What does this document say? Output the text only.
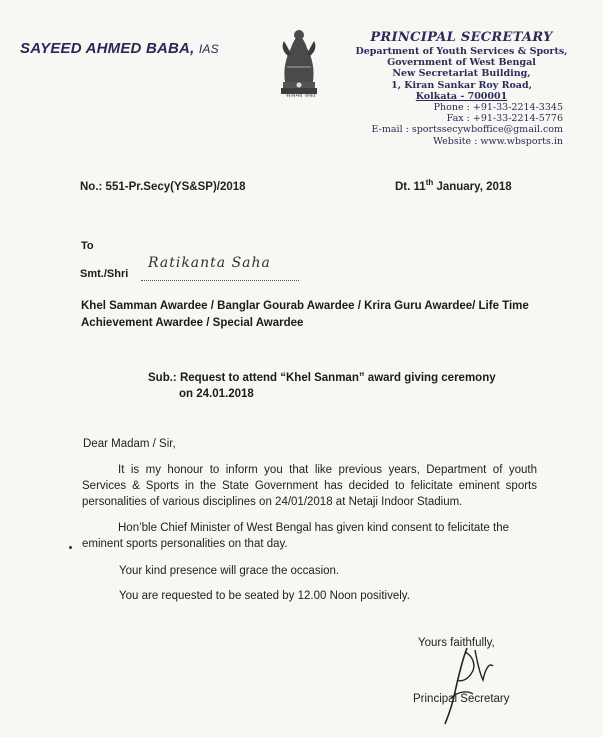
SAYEED AHMED BABA, IAS
सत्यमेव जयते
PRINCIPAL SECRETARY
Department of Youth Services & Sports,
Government of West Bengal
New Secretariat Building,
1, Kiran Sankar Roy Road,
Kolkata - 700001
Phone : +91-33-2214-3345
Fax : +91-33-2214-5776
E-mail : sportssecywboffice@gmail.com
Website : www.wbsports.in
No.: 551-Pr.Secy(YS&SP)/2018	Dt. 11th January, 2018
To
Smt./Shri
Ratikanta Saha
Khel Samman Awardee / Banglar Gourab Awardee / Krira Guru Awardee/ Life Time Achievement Awardee / Special Awardee
Sub.: Request to attend “Khel Sanman” award giving ceremony
on 24.01.2018
Dear Madam / Sir,
It is my honour to inform you that like previous years, Department of youth Services & Sports in the State Government has decided to felicitate eminent sports personalities of various disciplines on 24/01/2018 at Netaji Indoor Stadium.
Hon’ble Chief Minister of West Bengal has given kind consent to felicitate the eminent sports personalities on that day.
Your kind presence will grace the occasion.
You are requested to be seated by 12.00 Noon positively.
Yours faithfully,
Principal Secretary
